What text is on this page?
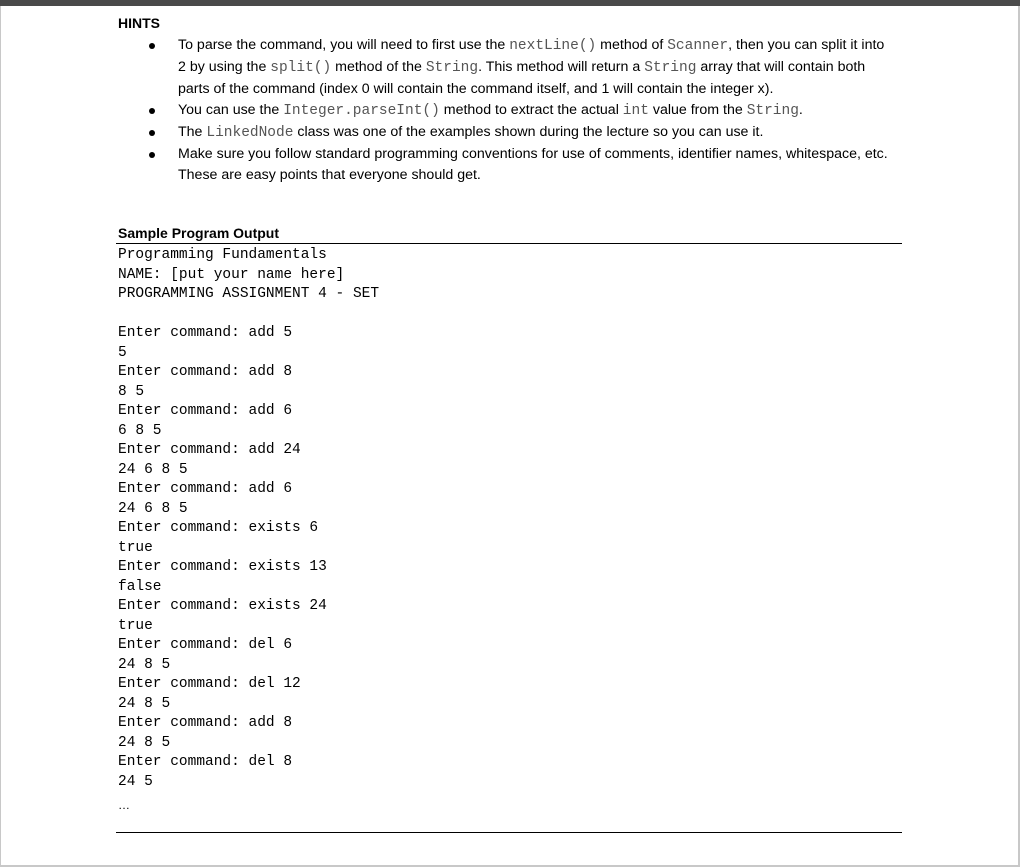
HINTS
To parse the command, you will need to first use the nextLine() method of Scanner, then you can split it into 2 by using the split() method of the String. This method will return a String array that will contain both parts of the command (index 0 will contain the command itself, and 1 will contain the integer x).
You can use the Integer.parseInt() method to extract the actual int value from the String.
The LinkedNode class was one of the examples shown during the lecture so you can use it.
Make sure you follow standard programming conventions for use of comments, identifier names, whitespace, etc. These are easy points that everyone should get.
Sample Program Output
Programming Fundamentals
NAME: [put your name here]
PROGRAMMING ASSIGNMENT 4 - SET
Enter command: add 5
5
Enter command: add 8
8 5
Enter command: add 6
6 8 5
Enter command: add 24
24 6 8 5
Enter command: add 6
24 6 8 5
Enter command: exists 6
true
Enter command: exists 13
false
Enter command: exists 24
true
Enter command: del 6
24 8 5
Enter command: del 12
24 8 5
Enter command: add 8
24 8 5
Enter command: del 8
24 5
…
